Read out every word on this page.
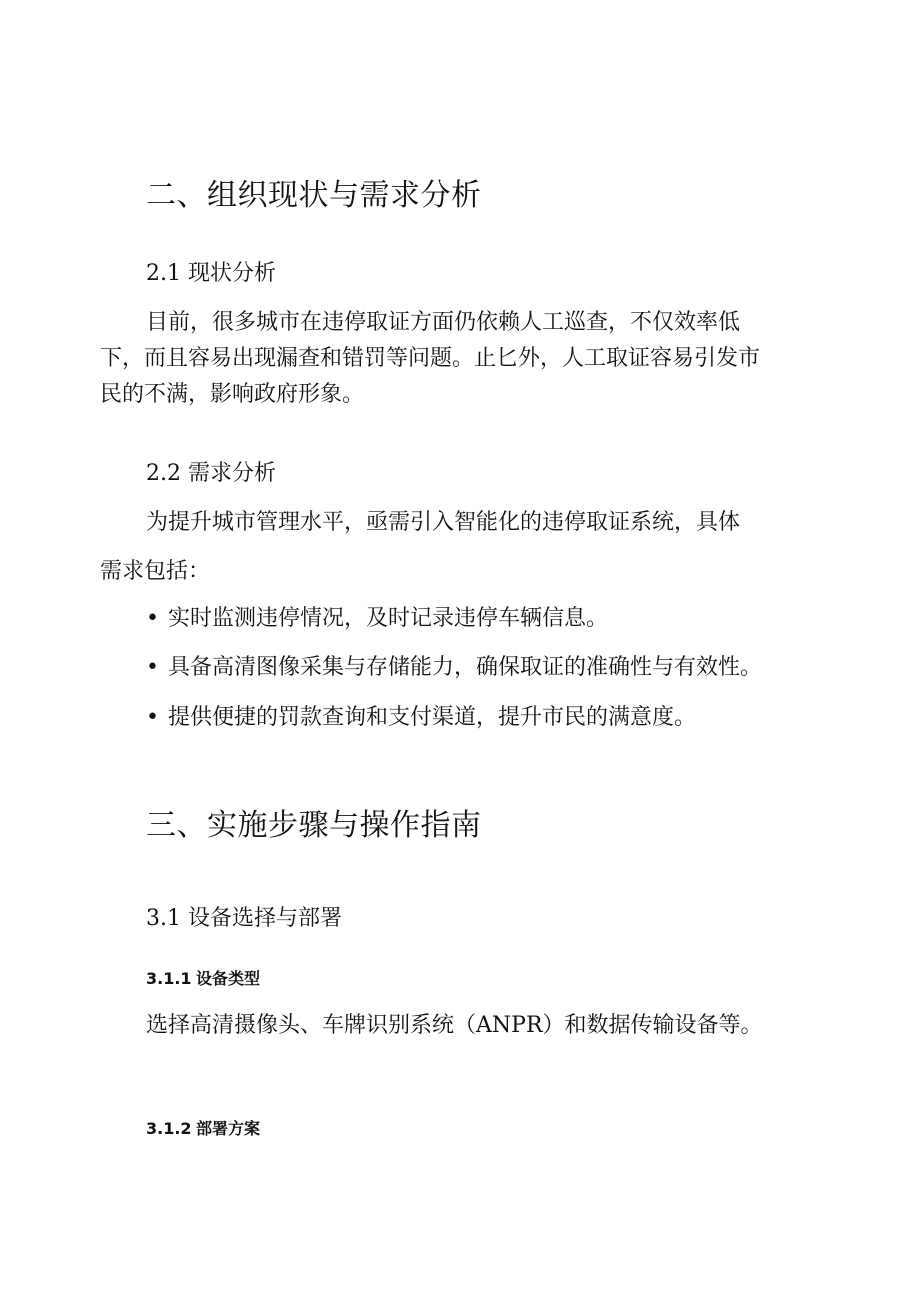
二、组织现状与需求分析
2.1 现状分析
目前，很多城市在违停取证方面仍依赖人工巡查，不仅效率低
下，而且容易出现漏查和错罚等问题。止匕外，人工取证容易引发市
民的不满，影响政府形象。
2.2 需求分析
为提升城市管理水平，亟需引入智能化的违停取证系统，具体
需求包括：
• 实时监测违停情况，及时记录违停车辆信息。
• 具备高清图像采集与存储能力，确保取证的准确性与有效性。
• 提供便捷的罚款查询和支付渠道，提升市民的满意度。
三、实施步骤与操作指南
3.1 设备选择与部署
3.1.1 设备类型
选择高清摄像头、车牌识别系统（ANPR）和数据传输设备等。
3.1.2 部署方案
